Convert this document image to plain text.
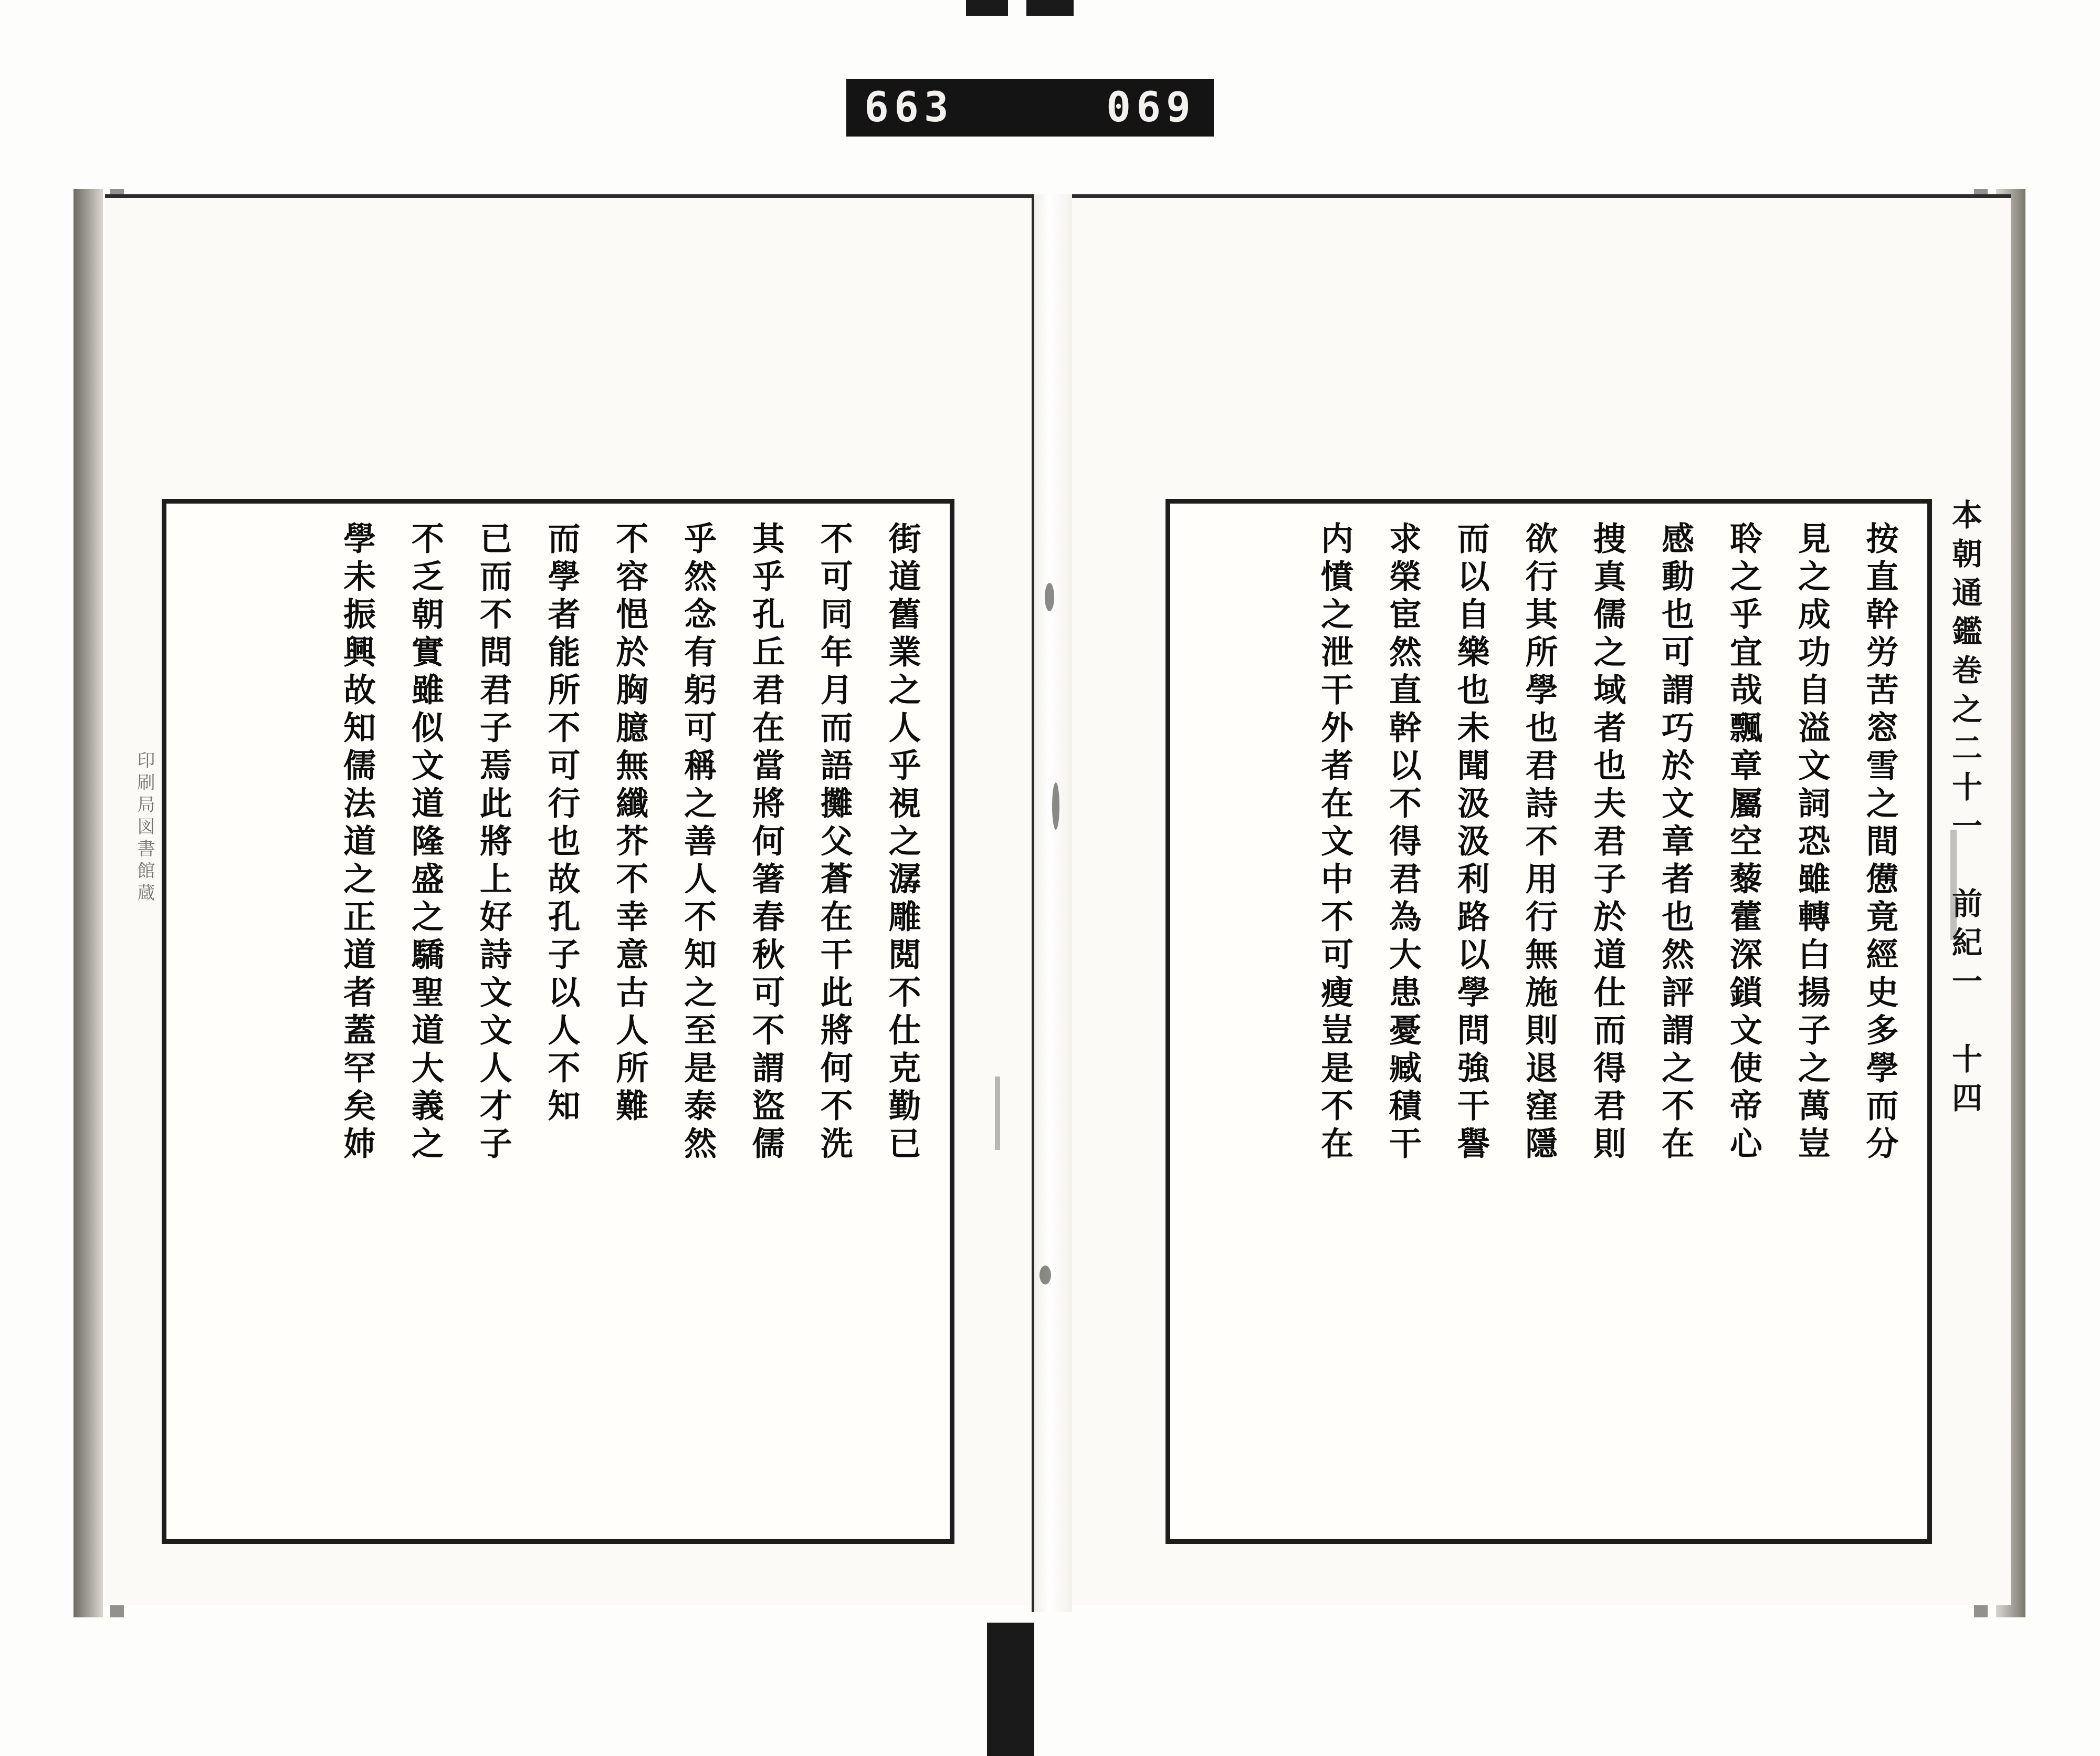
663	069
印刷局図書館蔵	按直幹労苦窓雪之間憊竟經史多學而分
見之成功自溢文詞恐雖轉白揚子之萬豈
聆之乎宜哉飄章屬空藜藿深鎖文使帝心
感動也可謂巧於文章者也然評謂之不在
捜真儒之域者也夫君子於道仕而得君則
欲行其所學也君詩不用行無施則退窪隱
而以自樂也未聞汲汲利路以學問強干譽
求榮宦然直幹以不得君為大患憂臧積干
内憤之泄干外者在文中不可瘦豈是不在	本朝通鑑巻之二十一　前紀一　十四
街道舊業之人乎視之潺雕閲不仕克勤已
不可同年月而語攤父蒼在干此將何不洗
其乎孔丘君在當將何箸春秋可不謂盜儒
乎然念有躬可稱之善人不知之至是泰然
不容悒於胸臆無纖芥不幸意古人所難
而學者能所不可行也故孔子以人不知
已而不問君子焉此將上好詩文文人才子
不乏朝實雖似文道隆盛之驕聖道大義之
學未振興故知儒法道之正道者蓋罕矣姉
